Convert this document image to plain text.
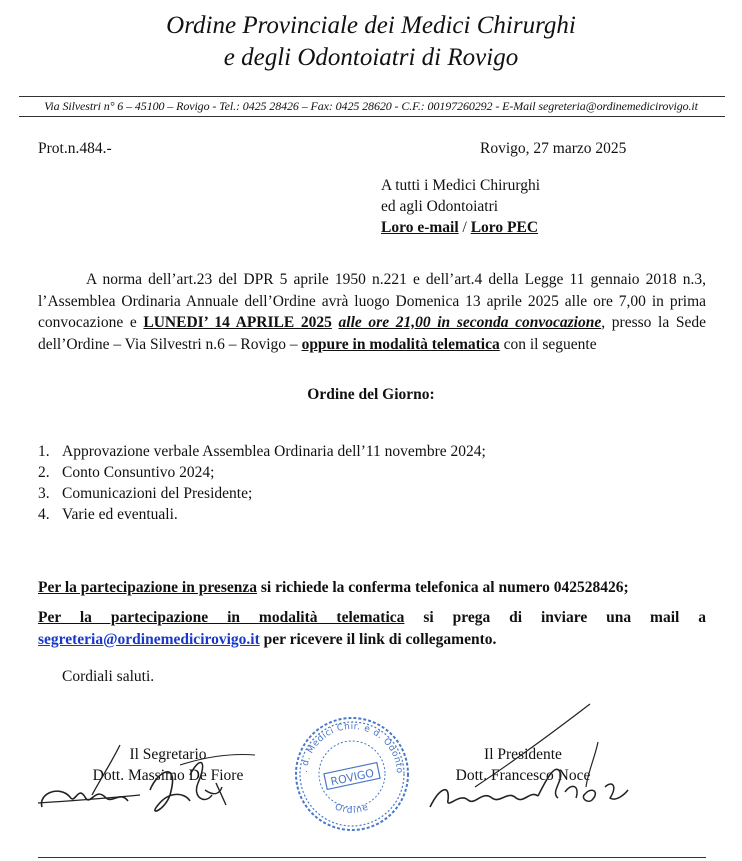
Ordine Provinciale dei Medici Chirurghi
e degli Odontoiatri di Rovigo
Via Silvestri n° 6 – 45100 – Rovigo - Tel.: 0425 28426 – Fax: 0425 28620 - C.F.: 00197260292 - E-Mail segreteria@ordinemedicirovigo.it
Prot.n.484.-	Rovigo, 27 marzo 2025
A tutti i Medici Chirurghi
ed agli Odontoiatri
Loro e-mail / Loro PEC
A norma dell’art.23 del DPR 5 aprile 1950 n.221 e dell’art.4 della Legge 11 gennaio 2018 n.3, l’Assemblea Ordinaria Annuale dell’Ordine avrà luogo Domenica 13 aprile 2025 alle ore 7,00 in prima convocazione e LUNEDI’ 14 APRILE 2025 alle ore 21,00 in seconda convocazione, presso la Sede dell’Ordine – Via Silvestri n.6 – Rovigo – oppure in modalità telematica con il seguente
Ordine del Giorno:
1. Approvazione verbale Assemblea Ordinaria dell’11 novembre 2024;
2. Conto Consuntivo 2024;
3. Comunicazioni del Presidente;
4. Varie ed eventuali.
Per la partecipazione in presenza si richiede la conferma telefonica al numero 042528426;
Per la partecipazione in modalità telematica si prega di inviare una mail a segreteria@ordinemedicirovigo.it per ricevere il link di collegamento.
Cordiali saluti.
Il Segretario
Dott. Massimo De Fiore
Il Presidente
Dott. Francesco Noce
Prov. d. Medici Chir. e d. Odontoiatri
Ordine
ROVIGO
